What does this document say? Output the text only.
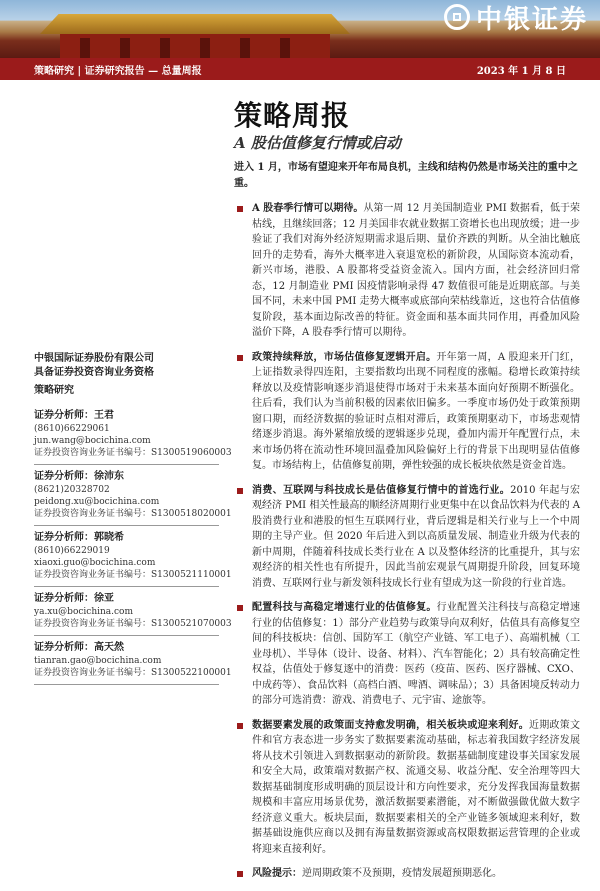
中银证券
策略研究 | 证券研究报告 — 总量周报	2023 年 1 月 8 日
策略周报
A 股估值修复行情或启动

进入 1 月，市场有望迎来开年布局良机，主线和结构仍然是市场关注的重中之重。

A 股春季行情可以期待。从第一周 12 月美国制造业 PMI 数据看，低于荣枯线，且继续回落；12 月美国非农就业数据工资增长也出现放缓；进一步验证了我们对海外经济短期需求退后期、量价齐跌的判断。从全油比触底回升的走势看，海外大概率进入衰退宽松的新阶段，从国际资本流动看，新兴市场，港股、A 股都将受益资金流入。国内方面，社会经济回归常态，12 月制造业 PMI 因疫情影响录得 47 数值很可能是近期底部。与美国不同，未来中国 PMI 走势大概率或底部向荣枯线靠近，这也符合估值修复阶段，基本面边际改善的特征。资金面和基本面共同作用，再叠加风险溢价下降，A 股春季行情可以期待。
政策持续释放，市场估值修复逻辑开启。开年第一周，A 股迎来开门红，上证指数录得四连阳，主要指数均出现不同程度的涨幅。稳增长政策持续释放以及疫情影响逐步消退使得市场对于未来基本面向好预期不断强化。往后看，我们认为当前积极的因素依旧偏多。一季度市场仍处于政策预期窗口期，而经济数据的验证时点相对滞后，政策预期驱动下，市场悲观情绪逐步消退。海外紧缩放缓的逻辑逐步兑现，叠加内需开年配置行点，未来市场仍将在流动性环境回温叠加风险偏好上行的背景下出现明显估值修复。市场结构上，估值修复前期，弹性较强的成长板块依然是资金首选。
消费、互联网与科技成长是估值修复行情中的首选行业。2010 年起与宏观经济 PMI 相关性最高的顺经济周期行业更集中在以食品饮料为代表的 A 股消费行业和港股的恒生互联网行业，背后逻辑是相关行业与上一个中周期的主导产业。但 2020 年后进入到以高质量发展、制造业升级为代表的新中周期，伴随着科技成长类行业在 A 以及整体经济的比重提升，其与宏观经济的相关性也有所提升，因此当前宏观景气周期提升阶段，回复环境消费、互联网行业与新发领科技成长行业有望成为这一阶段的行业首选。
配置科技与高稳定增速行业的估值修复。行业配置关注科技与高稳定增速行业的估值修复：1）部分产业趋势与政策导向双利好，估值具有高修复空间的科技板块：信创、国防军工（航空产业链、军工电子）、高端机械（工业母机）、半导体（设计、设备、材料）、汽车智能化；2）具有较高确定性权益，估值处于修复逐中的消费：医药（疫苗、医药、医疗器械、CXO、中成药等）、食品饮料（高档白酒、啤酒、调味品）；3）具备困境反转动力的部分可选消费：游戏、消费电子、元宇宙、途旅等。
数据要素发展的政策面支持愈发明确，相关板块或迎来利好。近期政策文件和官方表态进一步务实了数据要素流动基础，标志着我国数字经济发展将从技术引领进入到数据驱动的新阶段。数据基础制度建设事关国家发展和安全大局，政策端对数据产权、流通交易、收益分配、安全治理等四大数据基础制度形成明确的顶层设计和方向性要求，充分发挥我国海量数据规模和丰富应用场景优势，激活数据要素潜能，对不断做强做优做大数字经济意义重大。板块层面，数据要素相关的全产业链多领域迎来利好，数据基础设施供应商以及拥有海量数据资源或高权限数据运营管理的企业或将迎来直接利好。
风险提示：逆周期政策不及预期，疫情发展超预期恶化。
中银国际证券股份有限公司
具备证券投资咨询业务资格
策略研究
证券分析师：王君
(8610)66229061
jun.wang@bocichina.com
证券投资咨询业务证书编号：S1300519060003
证券分析师：徐沛东
(8621)20328702
peidong.xu@bocichina.com
证券投资咨询业务证书编号：S1300518020001
证券分析师：郭晓希
(8610)66229019
xiaoxi.guo@bocichina.com
证券投资咨询业务证书编号：S1300521110001
证券分析师：徐亚
ya.xu@bocichina.com
证券投资咨询业务证书编号：S1300521070003
证券分析师：高天然
tianran.gao@bocichina.com
证券投资咨询业务证书编号：S1300522100001
